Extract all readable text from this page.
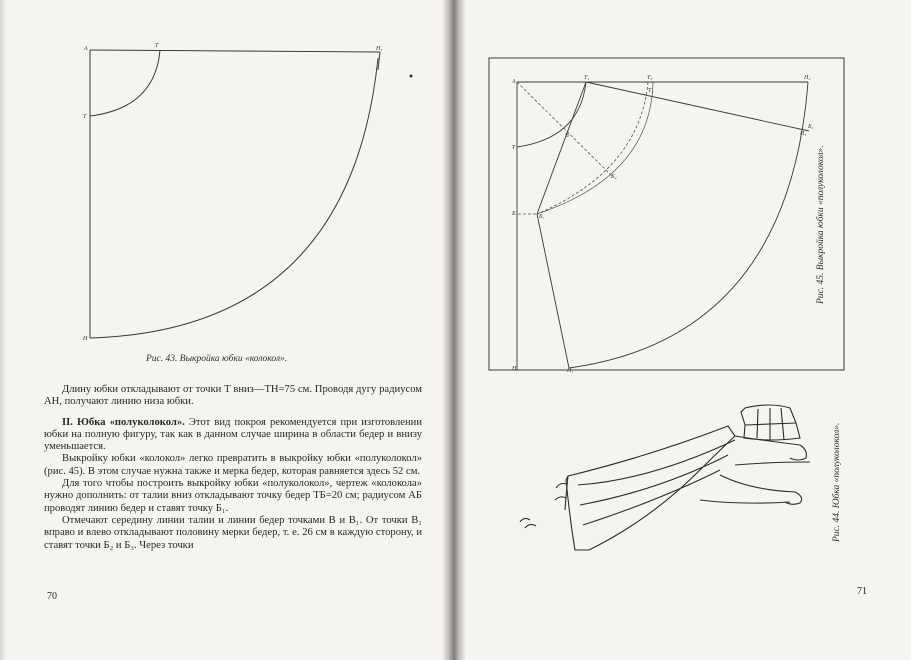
А	Т	Н₁
Т
Н
Рис. 43. Выкройка юбки «колокол».

Длину юбки откладывают от точки Т вниз—ТН=75 см. Проводя дугу радиусом АН, получают линию низа юбки.

II. Юбка «полуколокол». Этот вид покроя рекомендуется при изготовлении юбки на полную фигуру, так как в данном случае ширина в области бедер и внизу уменьшается.

Выкройку юбки «колокол» легко превратить в выкройку юбки «полуколокол» (рис. 45). В этом случае нужна также и мерка бедер, которая равняется здесь 52 см.

Для того чтобы построить выкройку юбки «полуколокол», чертеж «колокола» нужно дополнить: от талии вниз откладывают точку бедер ТБ=20 см; радиусом АБ проводят линию бедер и ставят точку Б₁.

Отмечают середину линии талии и линии бедер точками В и В₁. От точки В₁ вправо и влево откладывают половину мерки бедер, т. е. 26 см в каждую сторону, и ставят точки Б₂ и Б₃. Через точки

70
А
Т
Б
Н
Т₁	Т₂
Т₃
Н₂
В
Б₁
Б₂
Б₃
Н₃
Н₁
Рис. 45. Выкройка юбки «полуколокол».
Рис. 44. Юбка «полуколокол».
71
